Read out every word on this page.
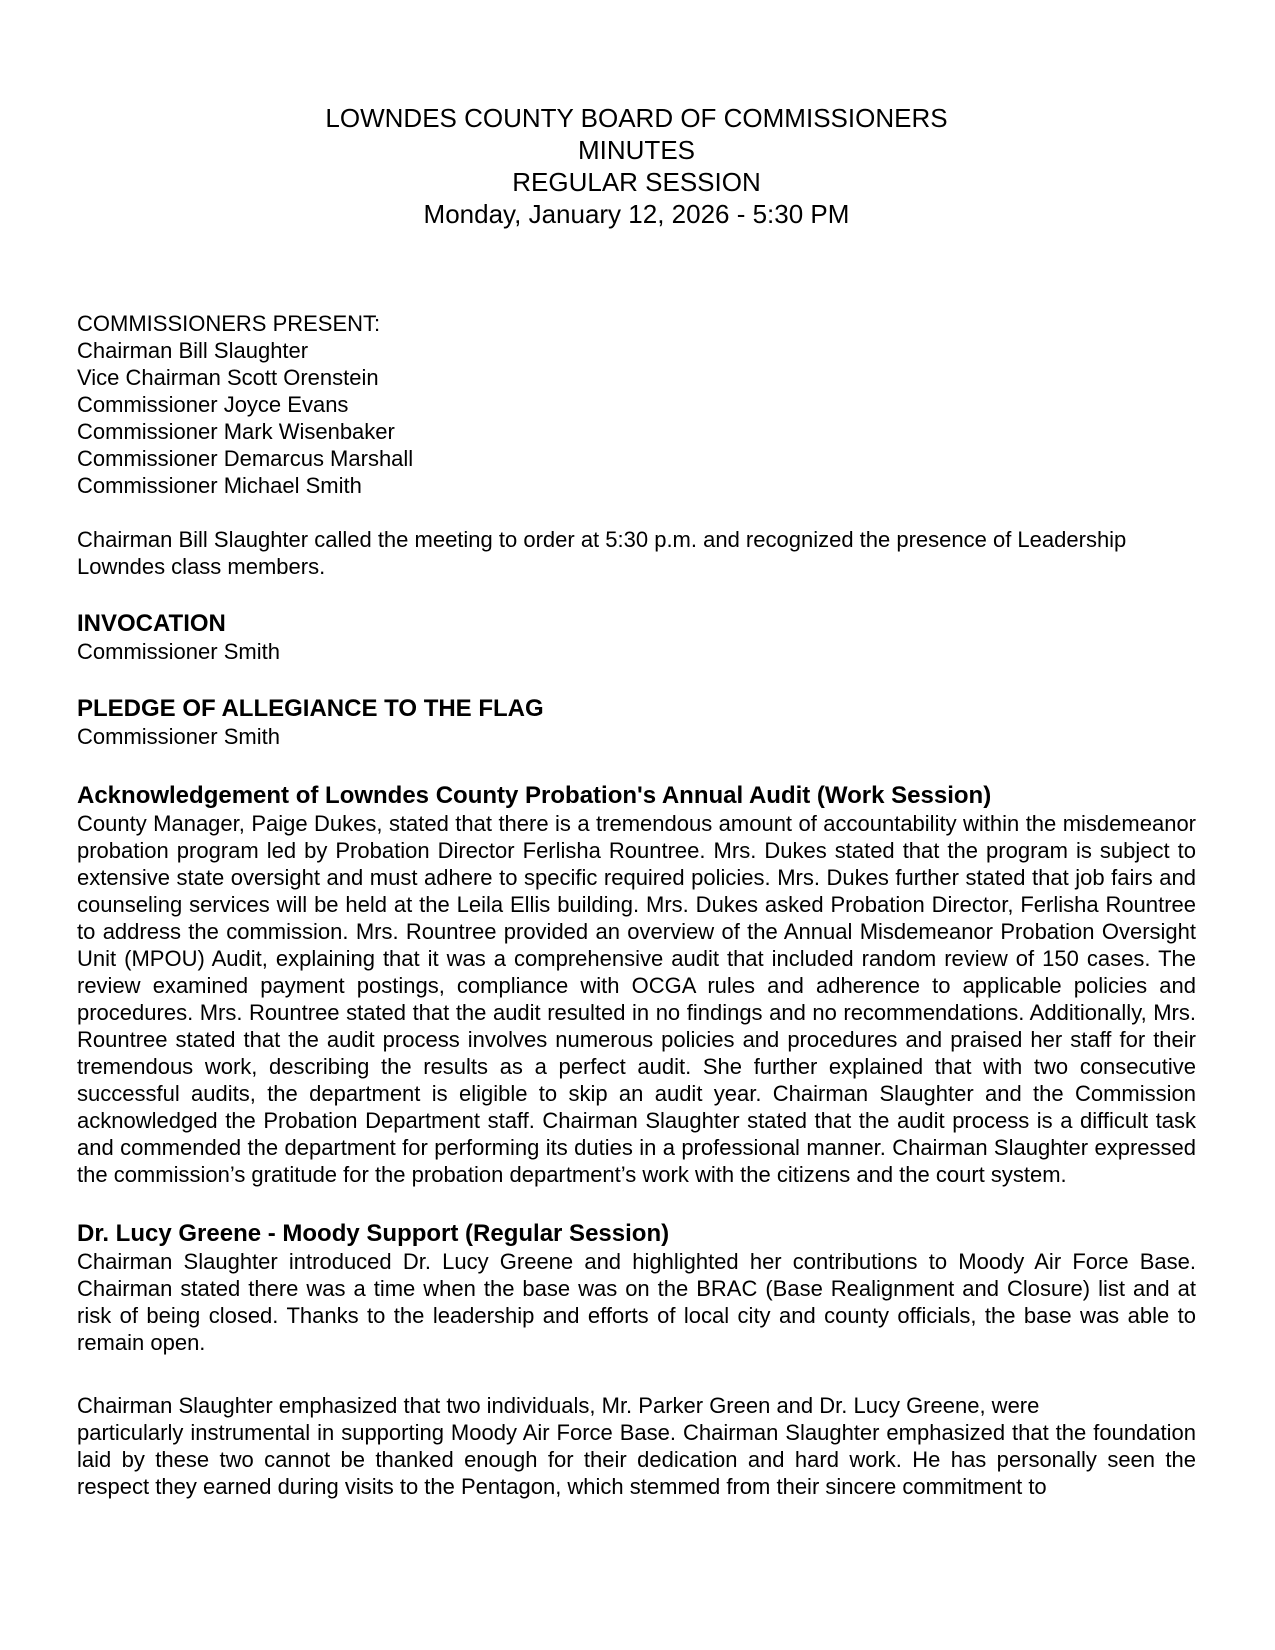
LOWNDES COUNTY BOARD OF COMMISSIONERS
MINUTES
REGULAR SESSION
Monday, January 12, 2026 - 5:30 PM
COMMISSIONERS PRESENT:
Chairman Bill Slaughter
Vice Chairman Scott Orenstein
Commissioner Joyce Evans
Commissioner Mark Wisenbaker
Commissioner Demarcus Marshall
Commissioner Michael Smith

Chairman Bill Slaughter called the meeting to order at 5:30 p.m. and recognized the presence of Leadership Lowndes class members.

INVOCATION
Commissioner Smith
PLEDGE OF ALLEGIANCE TO THE FLAG
Commissioner Smith
Acknowledgement of Lowndes County Probation's Annual Audit (Work Session)

County Manager, Paige Dukes, stated that there is a tremendous amount of accountability within the misdemeanor probation program led by Probation Director Ferlisha Rountree. Mrs. Dukes stated that the program is subject to extensive state oversight and must adhere to specific required policies. Mrs. Dukes further stated that job fairs and counseling services will be held at the Leila Ellis building. Mrs. Dukes asked Probation Director, Ferlisha Rountree to address the commission. Mrs. Rountree provided an overview of the Annual Misdemeanor Probation Oversight Unit (MPOU) Audit, explaining that it was a comprehensive audit that included random review of 150 cases. The review examined payment postings, compliance with OCGA rules and adherence to applicable policies and procedures. Mrs. Rountree stated that the audit resulted in no findings and no recommendations. Additionally, Mrs. Rountree stated that the audit process involves numerous policies and procedures and praised her staff for their tremendous work, describing the results as a perfect audit. She further explained that with two consecutive successful audits, the department is eligible to skip an audit year. Chairman Slaughter and the Commission acknowledged the Probation Department staff. Chairman Slaughter stated that the audit process is a difficult task and commended the department for performing its duties in a professional manner. Chairman Slaughter expressed the commission’s gratitude for the probation department’s work with the citizens and the court system.

Dr. Lucy Greene - Moody Support (Regular Session)

Chairman Slaughter introduced Dr. Lucy Greene and highlighted her contributions to Moody Air Force Base. Chairman stated there was a time when the base was on the BRAC (Base Realignment and Closure) list and at risk of being closed. Thanks to the leadership and efforts of local city and county officials, the base was able to remain open.

Chairman Slaughter emphasized that two individuals, Mr. Parker Green and Dr. Lucy Greene, were
particularly instrumental in supporting Moody Air Force Base. Chairman Slaughter emphasized that the foundation laid by these two cannot be thanked enough for their dedication and hard work. He has personally seen the respect they earned during visits to the Pentagon, which stemmed from their sincere commitment to
